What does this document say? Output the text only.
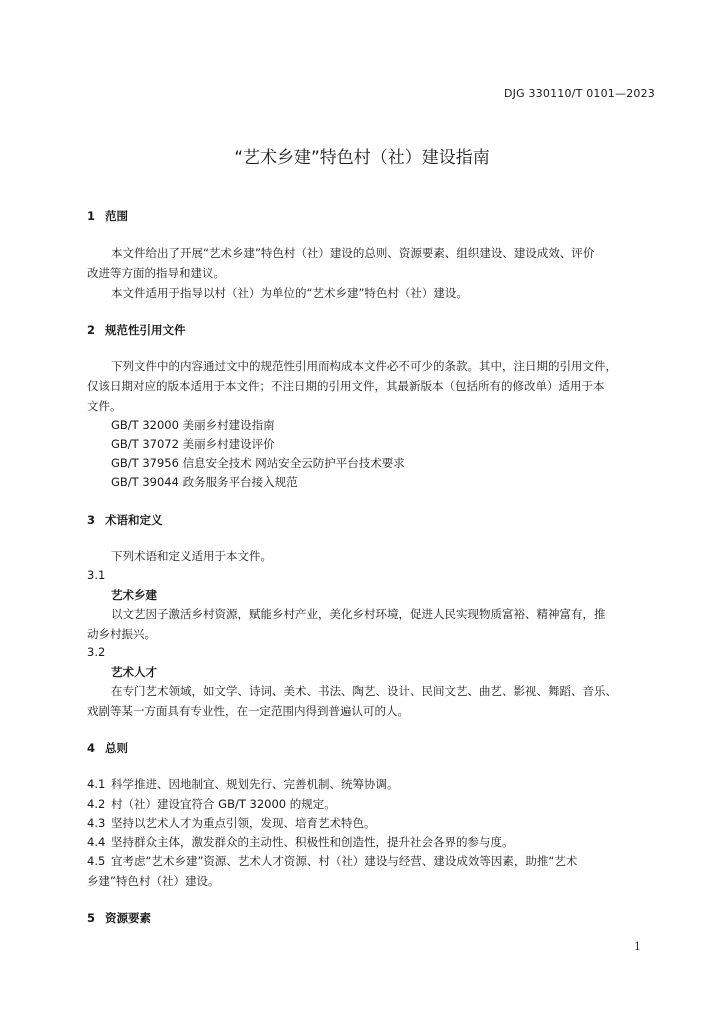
DJG 330110/T 0101—2023
“艺术乡建”特色村（社）建设指南
1 范围
本文件给出了开展“艺术乡建”特色村（社）建设的总则、资源要素、组织建设、建设成效、评价
改进等方面的指导和建议。
本文件适用于指导以村（社）为单位的“艺术乡建”特色村（社）建设。
2 规范性引用文件
下列文件中的内容通过文中的规范性引用而构成本文件必不可少的条款。其中，注日期的引用文件，
仅该日期对应的版本适用于本文件；不注日期的引用文件，其最新版本（包括所有的修改单）适用于本
文件。
GB/T 32000 美丽乡村建设指南
GB/T 37072 美丽乡村建设评价
GB/T 37956 信息安全技术 网站安全云防护平台技术要求
GB/T 39044 政务服务平台接入规范
3 术语和定义
下列术语和定义适用于本文件。
3.1
艺术乡建
以文艺因子激活乡村资源，赋能乡村产业，美化乡村环境，促进人民实现物质富裕、精神富有，推
动乡村振兴。
3.2
艺术人才
在专门艺术领域，如文学、诗词、美术、书法、陶艺、设计、民间文艺、曲艺、影视、舞蹈、音乐、
戏剧等某一方面具有专业性，在一定范围内得到普遍认可的人。
4 总则
4.1 科学推进、因地制宜、规划先行、完善机制、统筹协调。
4.2 村（社）建设宜符合 GB/T 32000 的规定。
4.3 坚持以艺术人才为重点引领，发现、培育艺术特色。
4.4 坚持群众主体，激发群众的主动性、积极性和创造性，提升社会各界的参与度。
4.5 宜考虑“艺术乡建”资源、艺术人才资源、村（社）建设与经营、建设成效等因素，助推“艺术
乡建”特色村（社）建设。
5 资源要素
1
